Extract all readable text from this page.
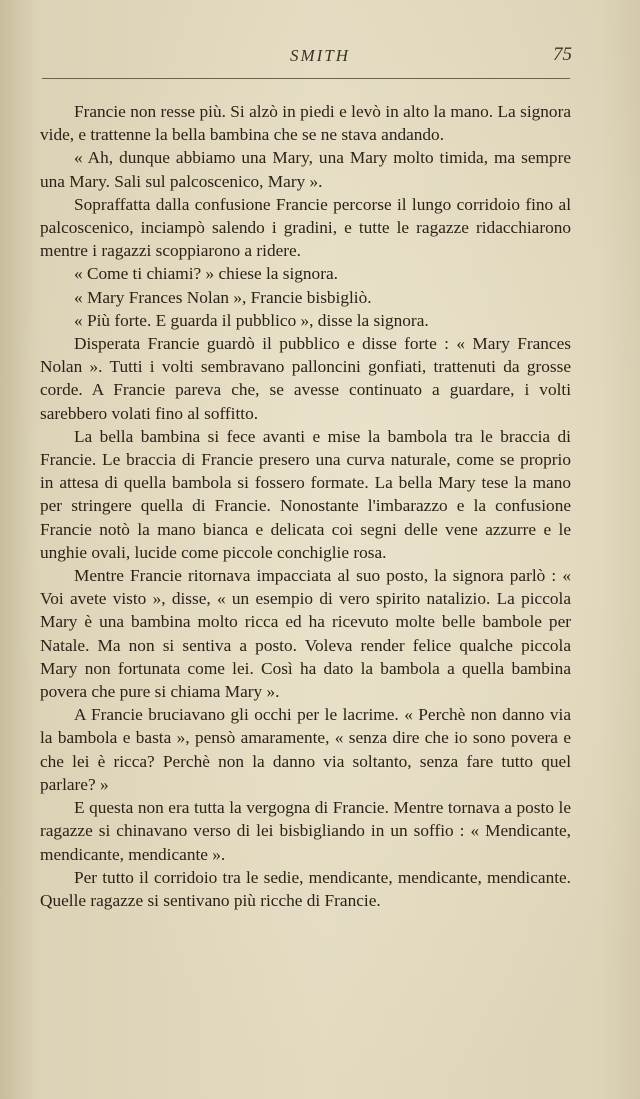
SMITH	75

Francie non resse più. Si alzò in piedi e levò in alto la mano. La signora vide, e trattenne la bella bambina che se ne stava andando.

« Ah, dunque abbiamo una Mary, una Mary molto timida, ma sempre una Mary. Sali sul palcoscenico, Mary ».

Sopraffatta dalla confusione Francie percorse il lungo corridoio fino al palcoscenico, inciampò salendo i gradini, e tutte le ragazze ridacchiarono mentre i ragazzi scoppiarono a ridere.

« Come ti chiami? » chiese la signora.

« Mary Frances Nolan », Francie bisbigliò.

« Più forte. E guarda il pubblico », disse la signora.

Disperata Francie guardò il pubblico e disse forte : « Mary Frances Nolan ». Tutti i volti sembravano palloncini gonfiati, trattenuti da grosse corde. A Francie pareva che, se avesse continuato a guardare, i volti sarebbero volati fino al soffitto.

La bella bambina si fece avanti e mise la bambola tra le braccia di Francie. Le braccia di Francie presero una curva naturale, come se proprio in attesa di quella bambola si fossero formate. La bella Mary tese la mano per stringere quella di Francie. Nonostante l'imbarazzo e la confusione Francie notò la mano bianca e delicata coi segni delle vene azzurre e le unghie ovali, lucide come piccole conchiglie rosa.

Mentre Francie ritornava impacciata al suo posto, la signora parlò : « Voi avete visto », disse, « un esempio di vero spirito natalizio. La piccola Mary è una bambina molto ricca ed ha ricevuto molte belle bambole per Natale. Ma non si sentiva a posto. Voleva render felice qualche piccola Mary non fortunata come lei. Così ha dato la bambola a quella bambina povera che pure si chiama Mary ».

A Francie bruciavano gli occhi per le lacrime. « Perchè non danno via la bambola e basta », pensò amaramente, « senza dire che io sono povera e che lei è ricca? Perchè non la danno via soltanto, senza fare tutto quel parlare? »

E questa non era tutta la vergogna di Francie. Mentre tornava a posto le ragazze si chinavano verso di lei bisbigliando in un soffio : « Mendicante, mendicante, mendicante ».

Per tutto il corridoio tra le sedie, mendicante, mendicante, mendicante. Quelle ragazze si sentivano più ricche di Francie.
